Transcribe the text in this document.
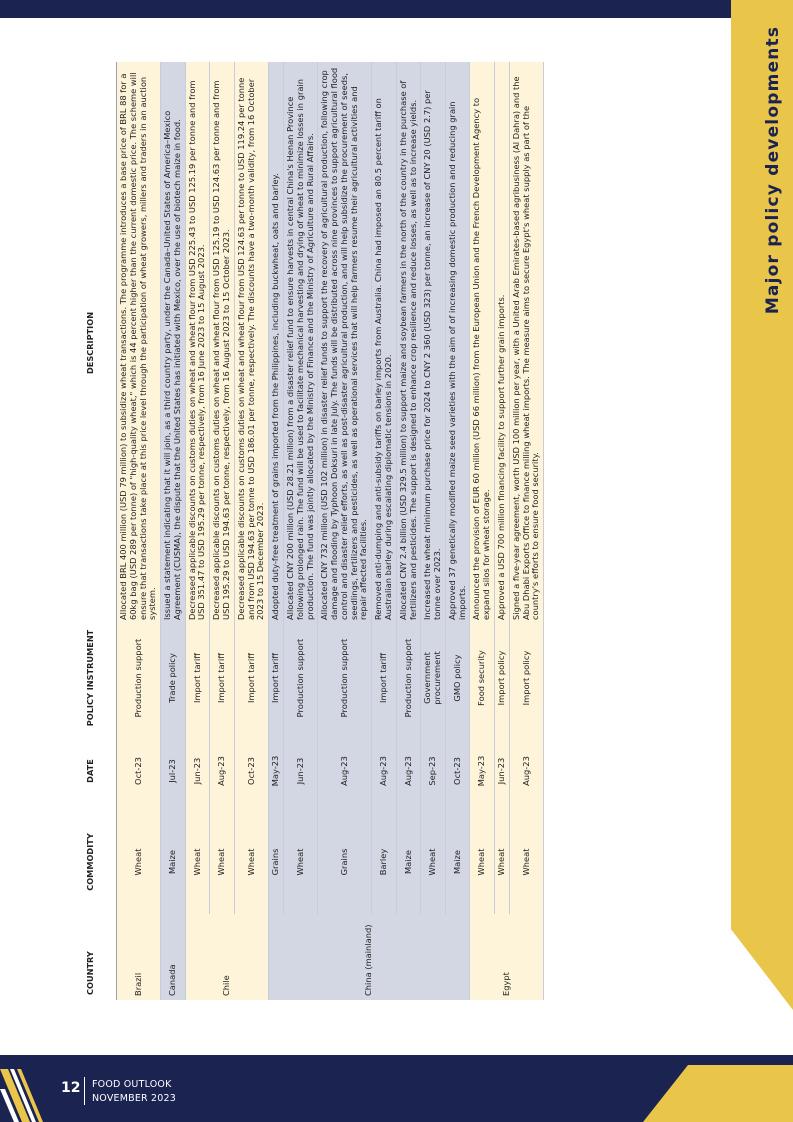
Major policy developments
COUNTRY	COMMODITY	DATE	POLICY INSTRUMENT	DESCRIPTION
Brazil	Wheat	Oct-23	Production support	Allocated BRL 400 million (USD 79 million) to subsidize wheat transactions. The programme introduces a base price of BRL 88 for a 60kg bag (USD 289 per tonne) of "high-quality wheat," which is 44 percent higher than the current domestic price. The scheme will ensure that transactions take place at this price level through the participation of wheat growers, millers and traders in an auction system.
Canada	Maize	Jul-23	Trade policy	Issued a statement indicating that it will join, as a third country party, under the Canada–United States of America–Mexico Agreement (CUSMA), the dispute that the United States has initiated with Mexico, over the use of biotech maize in food.
Chile	Wheat	Jun-23	Import tariff	Decreased applicable discounts on customs duties on wheat and wheat flour from USD 225.43 to USD 125.19 per tonne and from USD 351.47 to USD 195.29 per tonne, respectively, from 16 June 2023 to 15 August 2023.
	Wheat	Aug-23	Import tariff	Decreased applicable discounts on customs duties on wheat and wheat flour from USD 125.19 to USD 124.63 per tonne and from USD 195.29 to USD 194.63 per tonne, respectively, from 16 August 2023 to 15 October 2023.
	Wheat	Oct-23	Import tariff	Decreased applicable discounts on customs duties on wheat and wheat flour from USD 124.63 per tonne to USD 119.24 per tonne and from USD 194.63 per tonne to USD 186.01 per tonne, respectively. The discounts have a two-month validity, from 16 October 2023 to 15 December 2023.
China (mainland)	Grains	May-23	Import tariff	Adopted duty-free treatment of grains imported from the Philippines, including buckwheat, oats and barley.
	Wheat	Jun-23	Production support	Allocated CNY 200 million (USD 28.21 million) from a disaster relief fund to ensure harvests in central China's Henan Province following prolonged rain. The fund will be used to facilitate mechanical harvesting and drying of wheat to minimize losses in grain production. The fund was jointly allocated by the Ministry of Finance and the Ministry of Agriculture and Rural Affairs.
	Grains	Aug-23	Production support	Allocated CNY 732 million (USD 102 million) in disaster relief funds to support the recovery of agricultural production, following crop damage and flooding by Typhoon Doksuri in late July. The funds will be distributed across nine provinces to support agricultural flood control and disaster relief efforts, as well as post-disaster agricultural production, and will help subsidize the procurement of seeds, seedlings, fertilizers and pesticides, as well as operational services that will help farmers resume their agricultural activities and repair affected facilities.
	Barley	Aug-23	Import tariff	Removed anti-dumping and anti-subsidy tariffs on barley imports from Australia. China had imposed an 80.5 percent tariff on Australian barley during escalating diplomatic tensions in 2020.
	Maize	Aug-23	Production support	Allocated CNY 2.4 billion (USD 329.5 million) to support maize and soybean farmers in the north of the country in the purchase of fertilizers and pesticides. The support is designed to enhance crop resilience and reduce losses, as well as to increase yields.
	Wheat	Sep-23	Government procurement	Increased the wheat minimum purchase price for 2024 to CNY 2 360 (USD 323) per tonne, an increase of CNY 20 (USD 2.7) per tonne over 2023.
	Maize	Oct-23	GMO policy	Approved 37 genetically modified maize seed varieties with the aim of of increasing domestic production and reducing grain imports.
Egypt	Wheat	May-23	Food security	Announced the provision of EUR 60 million (USD 66 million) from the European Union and the French Development Agency to expand silos for wheat storage.
	Wheat	Jun-23	Import policy	Approved a USD 700 million financing facility to support further grain imports.
	Wheat	Aug-23	Import policy	Signed a five-year agreement, worth USD 100 million per year, with a United Arab Emirates-based agribusiness (Al Dahra) and the Abu Dhabi Exports Office to finance milling wheat imports. The measure aims to secure Egypt's wheat supply as part of the country's efforts to ensure food security.
12 FOOD OUTLOOK
NOVEMBER 2023
